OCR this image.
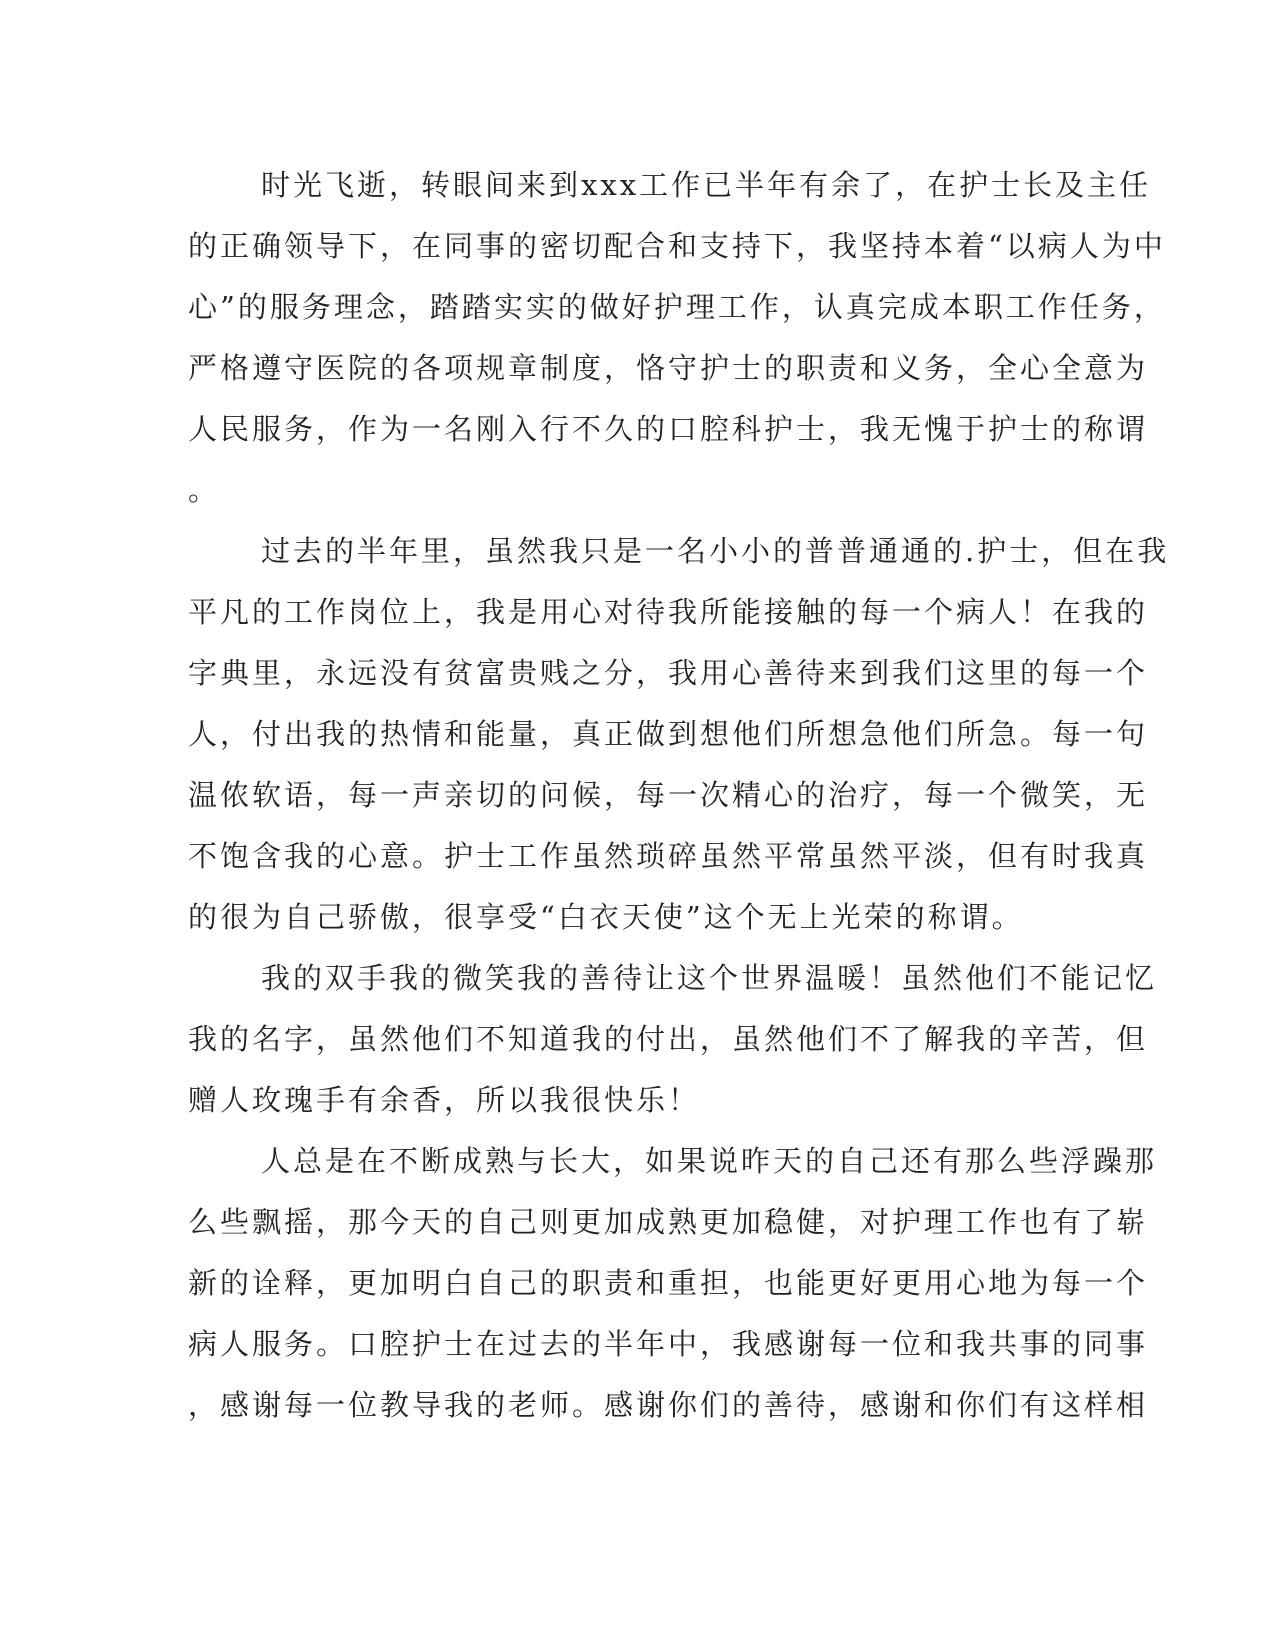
时光飞逝，转眼间来到xxx工作已半年有余了，在护士长及主任
的正确领导下，在同事的密切配合和支持下，我坚持本着“以病人为中
心”的服务理念，踏踏实实的做好护理工作，认真完成本职工作任务，
严格遵守医院的各项规章制度，恪守护士的职责和义务，全心全意为
人民服务，作为一名刚入行不久的口腔科护士，我无愧于护士的称谓
。
过去的半年里，虽然我只是一名小小的普普通通的.护士，但在我
平凡的工作岗位上，我是用心对待我所能接触的每一个病人！在我的
字典里，永远没有贫富贵贱之分，我用心善待来到我们这里的每一个
人，付出我的热情和能量，真正做到想他们所想急他们所急。每一句
温侬软语，每一声亲切的问候，每一次精心的治疗，每一个微笑，无
不饱含我的心意。护士工作虽然琐碎虽然平常虽然平淡，但有时我真
的很为自己骄傲，很享受“白衣天使”这个无上光荣的称谓。
我的双手我的微笑我的善待让这个世界温暖！虽然他们不能记忆
我的名字，虽然他们不知道我的付出，虽然他们不了解我的辛苦，但
赠人玫瑰手有余香，所以我很快乐！
人总是在不断成熟与长大，如果说昨天的自己还有那么些浮躁那
么些飘摇，那今天的自己则更加成熟更加稳健，对护理工作也有了崭
新的诠释，更加明白自己的职责和重担，也能更好更用心地为每一个
病人服务。口腔护士在过去的半年中，我感谢每一位和我共事的同事
，感谢每一位教导我的老师。感谢你们的善待，感谢和你们有这样相
